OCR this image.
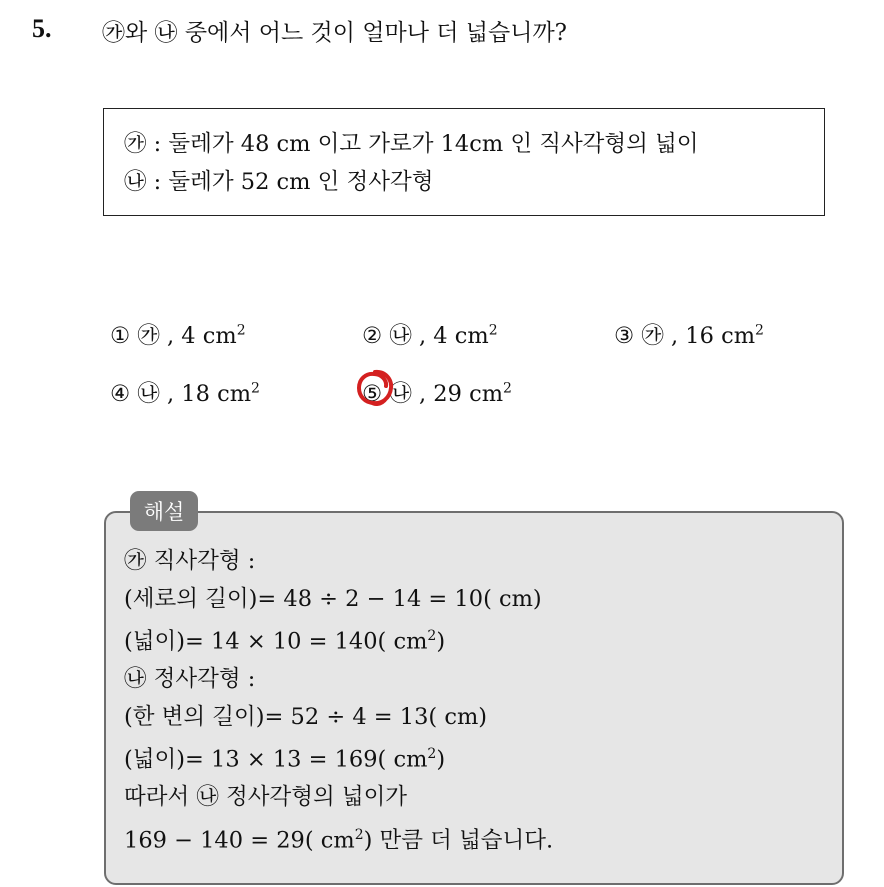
5. ㉮와 ㉯ 중에서 어느 것이 얼마나 더 넓습니까?
㉮ : 둘레가 48 cm 이고 가로가 14cm 인 직사각형의 넓이
㉯ : 둘레가 52 cm 인 정사각형
① ㉮ , 4 $cm^2$	② ㉯ , 4 $cm^2$	③ ㉮ , 16 $cm^2$
④ ㉯ , 18 $cm^2$	⑤ ㉯ , 29 $cm^2$
해설
㉮ 직사각형 :
(세로의 길이)= 48 ÷ 2 − 14 = 10( cm)
(넓이)= 14 × 10 = 140( $cm^2$)
㉯ 정사각형 :
(한 변의 길이)= 52 ÷ 4 = 13( cm)
(넓이)= 13 × 13 = 169( $cm^2$)
따라서 ㉯ 정사각형의 넓이가
169 − 140 = 29( $cm^2$) 만큼 더 넓습니다.
